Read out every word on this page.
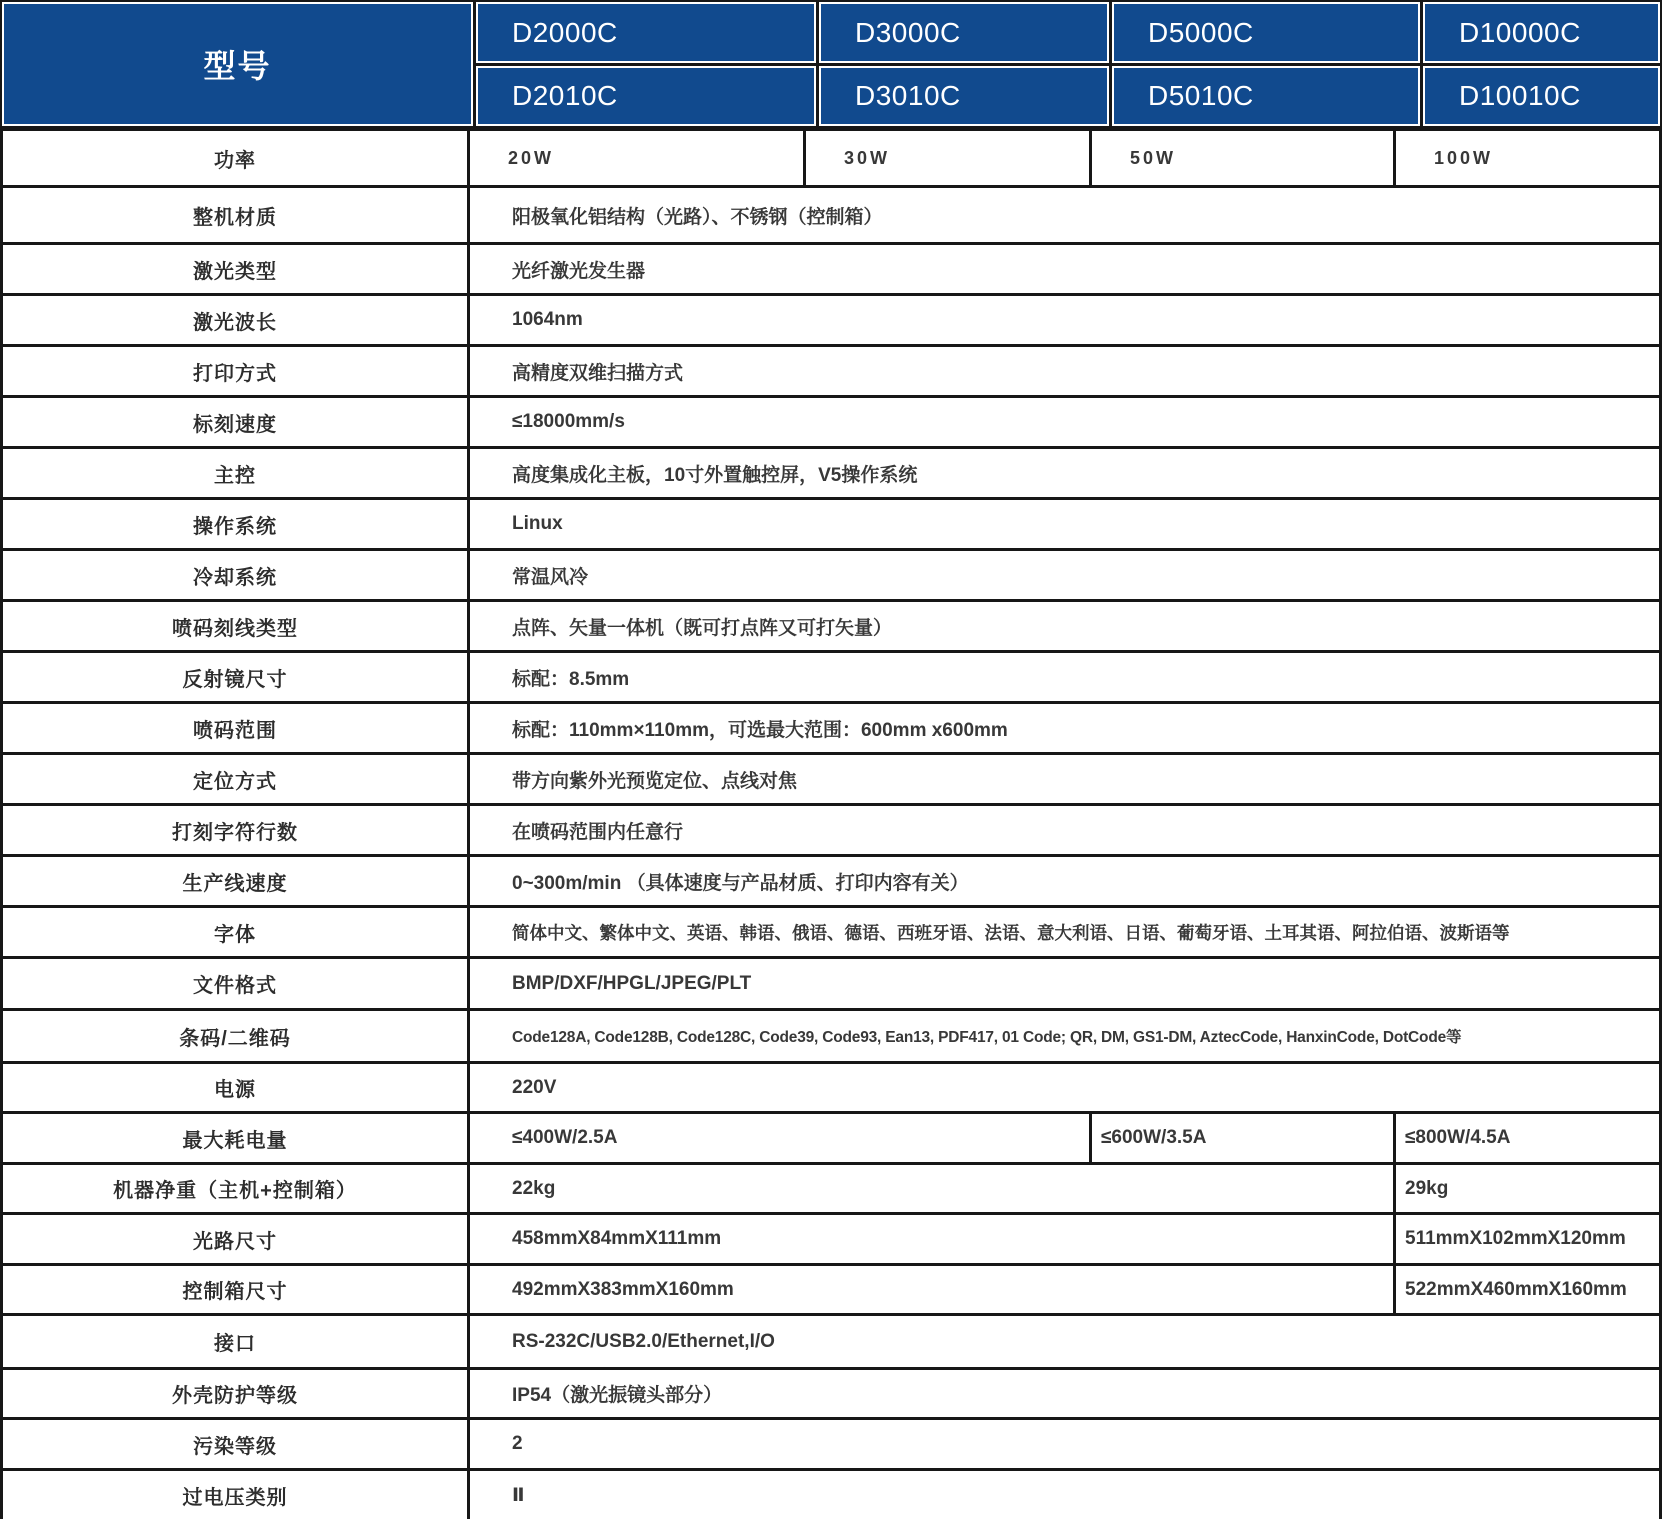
型号
D2000C	D3000C	D5000C	D10000C
D2010C	D3010C	D5010C	D10010C
功率	20W	30W	50W	100W
整机材质	阳极氧化铝结构（光路）、不锈钢（控制箱）
激光类型	光纤激光发生器
激光波长	1064nm
打印方式	高精度双维扫描方式
标刻速度	≤18000mm/s
主控	高度集成化主板，10寸外置触控屏，V5操作系统
操作系统	Linux
冷却系统	常温风冷
喷码刻线类型	点阵、矢量一体机（既可打点阵又可打矢量）
反射镜尺寸	标配：8.5mm
喷码范围	标配：110mm×110mm，可选最大范围：600mm x600mm
定位方式	带方向紫外光预览定位、点线对焦
打刻字符行数	在喷码范围内任意行
生产线速度	0~300m/min （具体速度与产品材质、打印内容有关）
字体	简体中文、繁体中文、英语、韩语、俄语、德语、西班牙语、法语、意大利语、日语、葡萄牙语、土耳其语、阿拉伯语、波斯语等
文件格式	BMP/DXF/HPGL/JPEG/PLT
条码/二维码	Code128A, Code128B, Code128C, Code39, Code93, Ean13, PDF417, 01 Code; QR, DM, GS1-DM, AztecCode, HanxinCode, DotCode等
电源	220V
最大耗电量	≤400W/2.5A	≤600W/3.5A	≤800W/4.5A
机器净重（主机+控制箱）	22kg	29kg
光路尺寸	458mmX84mmX111mm	511mmX102mmX120mm
控制箱尺寸	492mmX383mmX160mm	522mmX460mmX160mm
接口	RS-232C/USB2.0/Ethernet,I/O
外壳防护等级	IP54（激光振镜头部分）
污染等级	2
过电压类别	Ⅱ
